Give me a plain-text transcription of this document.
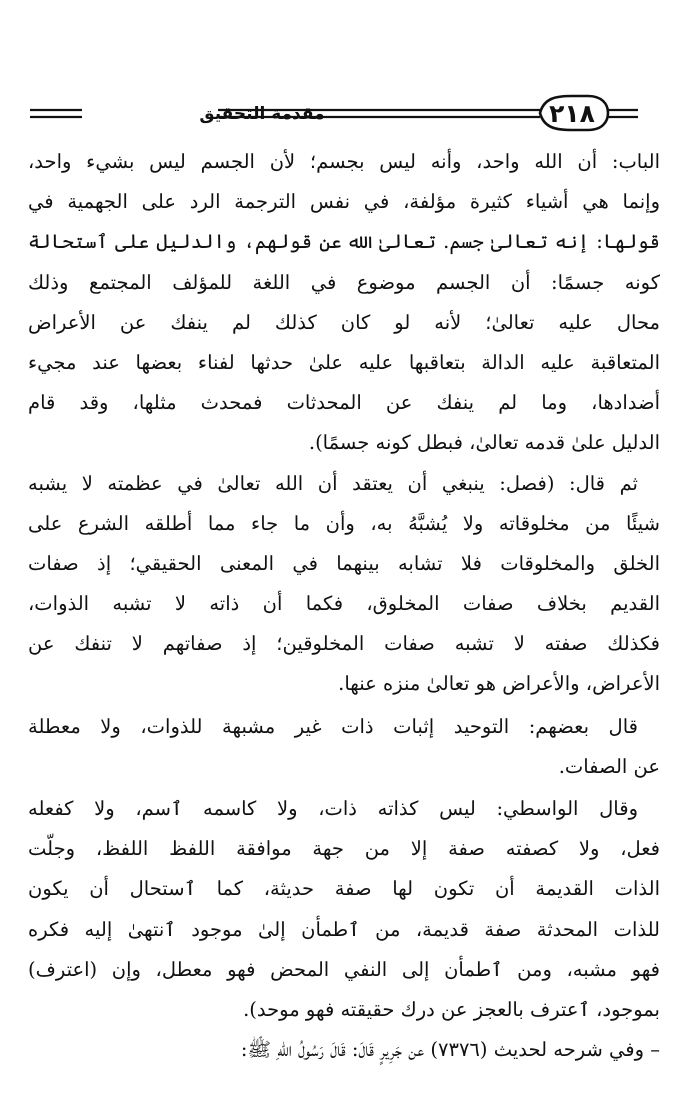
٢١٨
مقدمة التحقيق
الباب: أن الله واحد، وأنه ليس بجسم؛ لأن الجسم ليس بشيء واحد،
وإنما هي أشياء كثيرة مؤلفة، في نفس الترجمة الرد على الجهمية في
قولها: إنه تعالىٰ جسم. تعالىٰ الله عن قولهم، والدليل على ٱستحالة
كونه جسمًا: أن الجسم موضوع في اللغة للمؤلف المجتمع وذلك
محال عليه تعالىٰ؛ لأنه لو كان كذلك لم ينفك عن الأعراض
المتعاقبة عليه الدالة بتعاقبها عليه علىٰ حدثها لفناء بعضها عند مجيء
أضدادها، وما لم ينفك عن المحدثات فمحدث مثلها، وقد قام
الدليل علىٰ قدمه تعالىٰ، فبطل كونه جسمًا).
ثم قال: (فصل: ينبغي أن يعتقد أن الله تعالىٰ في عظمته لا يشبه
شيئًا من مخلوقاته ولا يُشبَّهُ به، وأن ما جاء مما أطلقه الشرع على
الخلق والمخلوقات فلا تشابه بينهما في المعنى الحقيقي؛ إذ صفات
القديم بخلاف صفات المخلوق، فكما أن ذاته لا تشبه الذوات،
فكذلك صفته لا تشبه صفات المخلوقين؛ إذ صفاتهم لا تنفك عن
الأعراض، والأعراض هو تعالىٰ منزه عنها.
قال بعضهم: التوحيد إثبات ذات غير مشبهة للذوات، ولا معطلة
عن الصفات.
وقال الواسطي: ليس كذاته ذات، ولا كاسمه ٱسم، ولا كفعله
فعل، ولا كصفته صفة إلا من جهة موافقة اللفظ اللفظ، وجلّت
الذات القديمة أن تكون لها صفة حديثة، كما ٱستحال أن يكون
للذات المحدثة صفة قديمة، من ٱطمأن إلىٰ موجود ٱنتهىٰ إليه فكره
فهو مشبه، ومن ٱطمأن إلى النفي المحض فهو معطل، وإن (اعترف)
بموجود، ٱعترف بالعجز عن درك حقيقته فهو موحد).
– وفي شرحه لحديث (٧٣٧٦) عن جَرِيرٍ قَالَ: قَالَ رَسُولُ اللهِ ﷺ:
